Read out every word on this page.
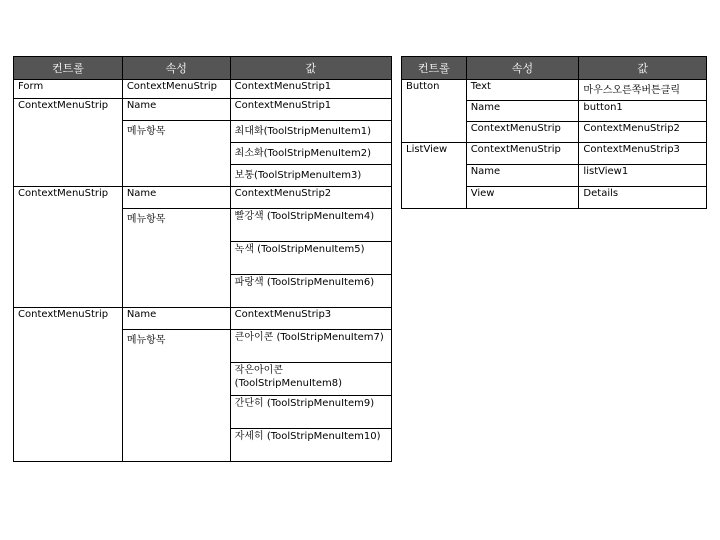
컨트롤	속성	값
Form	ContextMenuStrip	ContextMenuStrip1
ContextMenuStrip	Name	ContextMenuStrip1
	메뉴항목	최대화(ToolStripMenuItem1)
		최소화(ToolStripMenuItem2)
		보통(ToolStripMenuItem3)
ContextMenuStrip	Name	ContextMenuStrip2
	메뉴항목	빨강색 (ToolStripMenuItem4)
		녹색 (ToolStripMenuItem5)
		파랑색 (ToolStripMenuItem6)
ContextMenuStrip	Name	ContextMenuStrip3
	메뉴항목	큰아이콘 (ToolStripMenuItem7)
		작은아이콘 (ToolStripMenuItem8)
		간단히 (ToolStripMenuItem9)
		자세히 (ToolStripMenuItem10)
컨트롤	속성	값
Button	Text	마우스오른쪽버튼클릭
	Name	button1
	ContextMenuStrip	ContextMenuStrip2
ListView	ContextMenuStrip	ContextMenuStrip3
	Name	listView1
	View	Details
